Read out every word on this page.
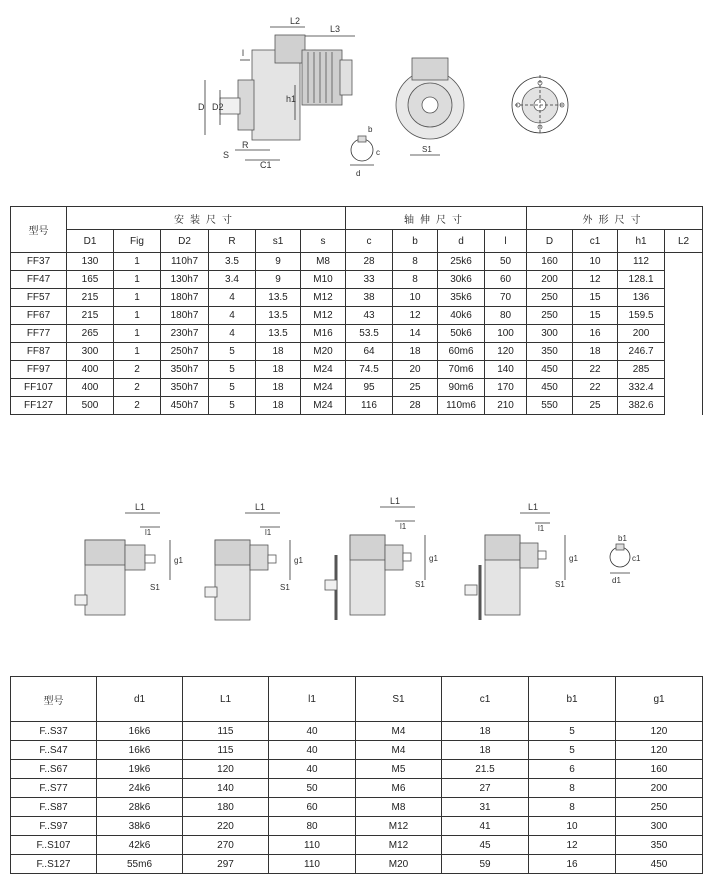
L2
L3
l
D D2
h1
S
R
C1
b
c
d
S1
型号	安装尺寸						轴伸尺寸				外形尺寸			
	D1	Fig	D2	R	s1	s	c	b	d	l	D	c1	h1	L2
FF37	130	1	110h7	3.5	9	M8	28	8	25k6	50	160	10	112	
FF47	165	1	130h7	3.4	9	M10	33	8	30k6	60	200	12	128.1	
FF57	215	1	180h7	4	13.5	M12	38	10	35k6	70	250	15	136	
FF67	215	1	180h7	4	13.5	M12	43	12	40k6	80	250	15	159.5	
FF77	265	1	230h7	4	13.5	M16	53.5	14	50k6	100	300	16	200	
FF87	300	1	250h7	5	18	M20	64	18	60m6	120	350	18	246.7	
FF97	400	2	350h7	5	18	M24	74.5	20	70m6	140	450	22	285	
FF107	400	2	350h7	5	18	M24	95	25	90m6	170	450	22	332.4	
FF127	500	2	450h7	5	18	M24	116	28	110m6	210	550	25	382.6	
L1
l1
g1
S1
L1
l1
g1
S1
L1
l1
g1
S1
L1
l1
g1
S1
b1
c1
d1
型号	d1	L1	l1	S1	c1	b1	g1
F..S37	16k6	115	40	M4	18	5	120
F..S47	16k6	115	40	M4	18	5	120
F..S67	19k6	120	40	M5	21.5	6	160
F..S77	24k6	140	50	M6	27	8	200
F..S87	28k6	180	60	M8	31	8	250
F..S97	38k6	220	80	M12	41	10	300
F..S107	42k6	270	110	M12	45	12	350
F..S127	55m6	297	110	M20	59	16	450
